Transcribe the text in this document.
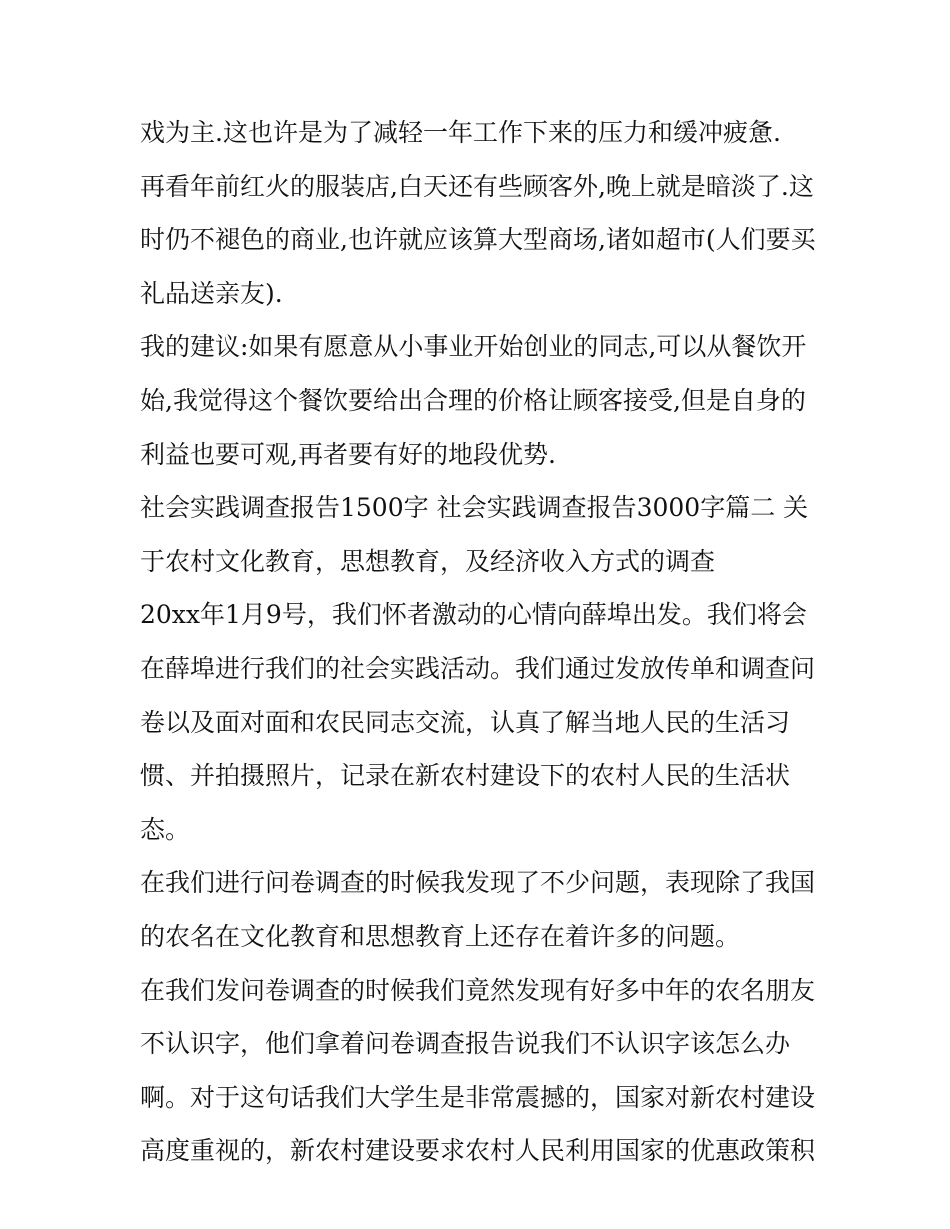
戏为主.这也许是为了减轻一年工作下来的压力和缓冲疲惫.
再看年前红火的服装店,白天还有些顾客外,晚上就是暗淡了.这
时仍不褪色的商业,也许就应该算大型商场,诸如超市(人们要买
礼品送亲友).
我的建议:如果有愿意从小事业开始创业的同志,可以从餐饮开
始,我觉得这个餐饮要给出合理的价格让顾客接受,但是自身的
利益也要可观,再者要有好的地段优势.
社会实践调查报告1500字 社会实践调查报告3000字篇二 关
于农村文化教育，思想教育，及经济收入方式的调查
20xx年1月9号，我们怀者激动的心情向薛埠出发。我们将会
在薛埠进行我们的社会实践活动。我们通过发放传单和调查问
卷以及面对面和农民同志交流，认真了解当地人民的生活习
惯、并拍摄照片，记录在新农村建设下的农村人民的生活状
态。
在我们进行问卷调查的时候我发现了不少问题，表现除了我国
的农名在文化教育和思想教育上还存在着许多的问题。
在我们发问卷调查的时候我们竟然发现有好多中年的农名朋友
不认识字，他们拿着问卷调查报告说我们不认识字该怎么办
啊。对于这句话我们大学生是非常震撼的，国家对新农村建设
高度重视的，新农村建设要求农村人民利用国家的优惠政策积
